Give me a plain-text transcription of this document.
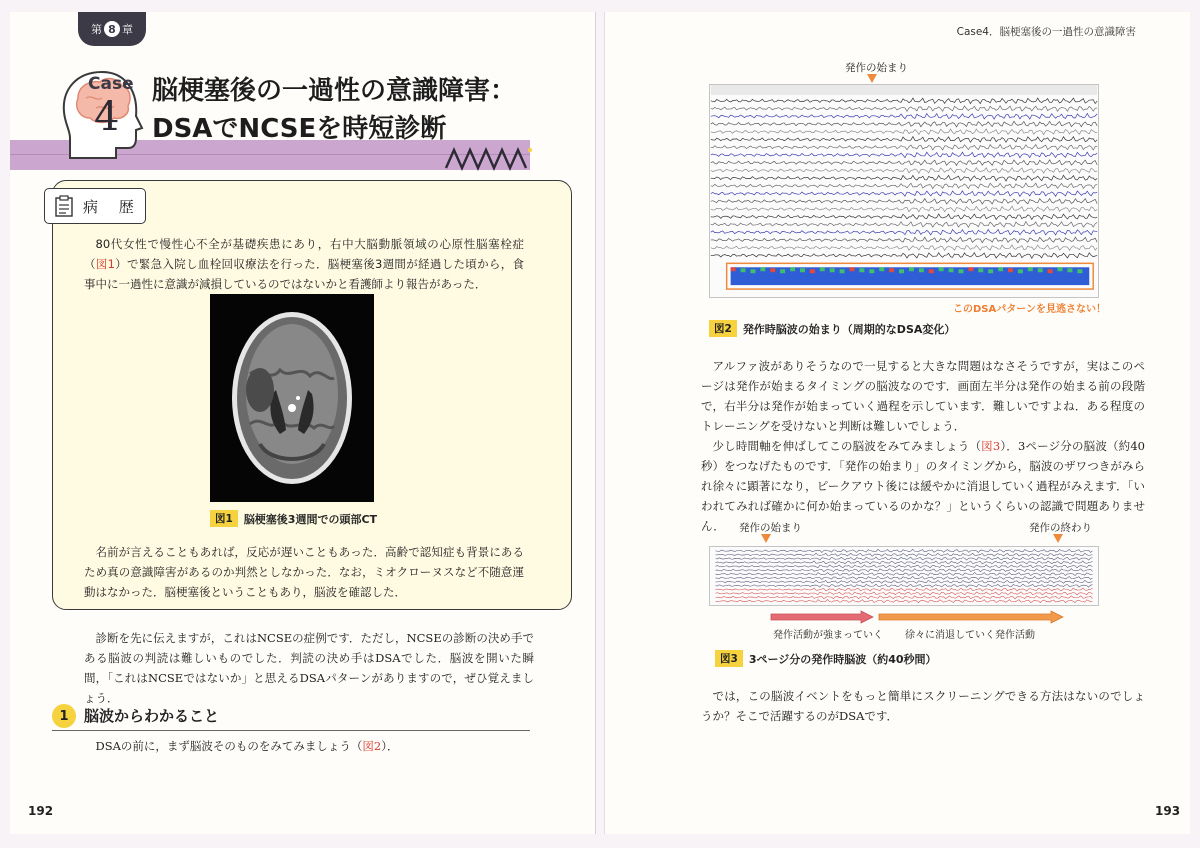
第 8 章
Case
4
脳梗塞後の一過性の意識障害：
DSAでNCSEを時短診断
病 歴

80代女性で慢性心不全が基礎疾患にあり，右中大脳動脈領域の心原性脳塞栓症（図1）で緊急入院し血栓回収療法を行った．脳梗塞後3週間が経過した頃から，食事中に一過性に意識が減損しているのではないかと看護師より報告があった．

図1	脳梗塞後3週間での頭部CT

名前が言えることもあれば，反応が遅いこともあった．高齢で認知症も背景にあるため真の意識障害があるのか判然としなかった．なお，ミオクローヌスなど不随意運動はなかった．脳梗塞後ということもあり，脳波を確認した．

診断を先に伝えますが，これはNCSEの症例です．ただし，NCSEの診断の決め手である脳波の判読は難しいものでした．判読の決め手はDSAでした．脳波を開いた瞬間，「これはNCSEではないか」と思えるDSAパターンがありますので，ぜひ覚えましょう．

1	脳波からわかること

DSAの前に，まず脳波そのものをみてみましょう（図2）．

192
Case4．脳梗塞後の一過性の意識障害
発作の始まり
このDSAパターンを見逃さない！
図2	発作時脳波の始まり（周期的なDSA変化）

アルファ波がありそうなので一見すると大きな問題はなさそうですが，実はこのページは発作が始まるタイミングの脳波なのです．画面左半分は発作の始まる前の段階で，右半分は発作が始まっていく過程を示しています．難しいですよね．ある程度のトレーニングを受けないと判断は難しいでしょう．

少し時間軸を伸ばしてこの脳波をみてみましょう（図3）．3ページ分の脳波（約40秒）をつなげたものです．「発作の始まり」のタイミングから，脳波のザワつきがみられ徐々に顕著になり，ピークアウト後には緩やかに消退していく過程がみえます．「いわれてみれば確かに何か始まっているのかな？」というくらいの認識で問題ありません．	発作の始まり	発作の終わり
発作活動が強まっていく 徐々に消退していく発作活動
図3	3ページ分の発作時脳波（約40秒間）

では，この脳波イベントをもっと簡単にスクリーニングできる方法はないのでしょうか？そこで活躍するのがDSAです．

193
